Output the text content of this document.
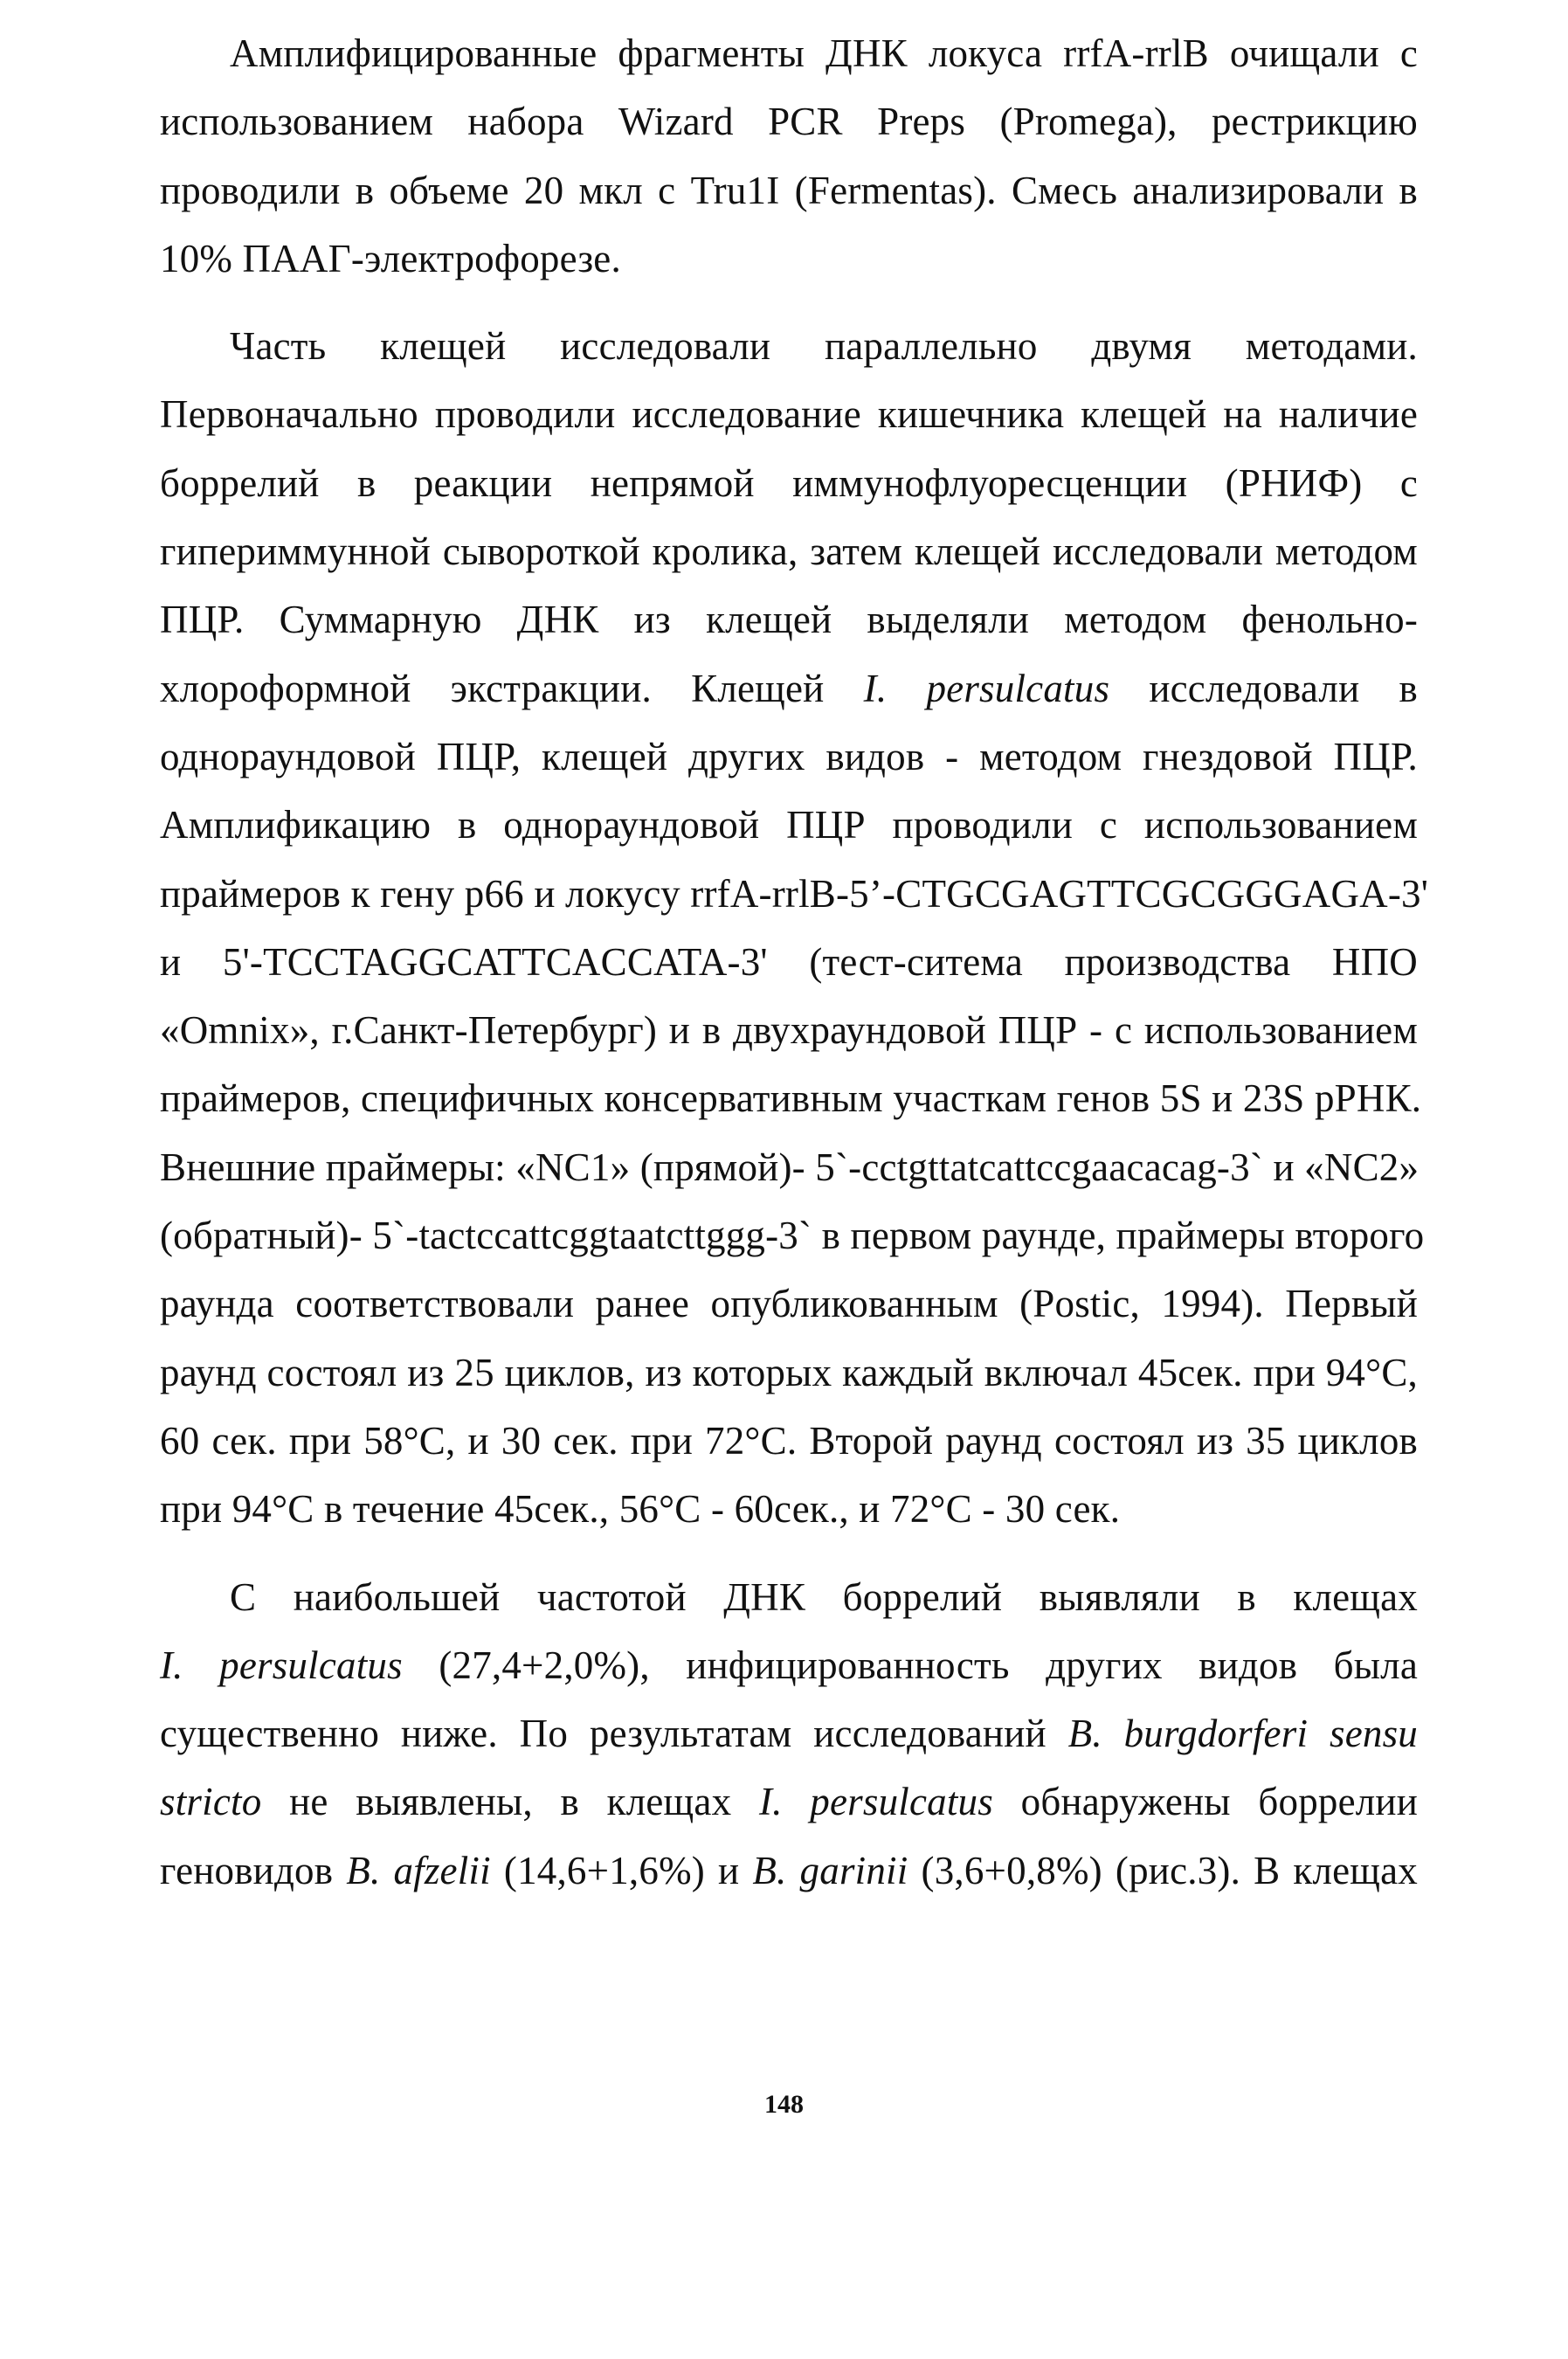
Амплифицированные фрагменты ДНК локуса rrfA-rrlB очищали с
использованием набора Wizard PCR Preps (Promega), рестрикцию
проводили в объеме 20 мкл с Tru1I (Fermentas). Смесь анализировали в
10% ПААГ-электрофорезе.
Часть клещей исследовали параллельно двумя методами.
Первоначально проводили исследование кишечника клещей на наличие
боррелий в реакции непрямой иммунофлуоресценции (РНИФ) с
гипериммунной сывороткой кролика, затем клещей исследовали методом
ПЦР. Суммарную ДНК из клещей выделяли методом фенольно-
хлороформной экстракции. Клещей I. persulcatus исследовали в
однораундовой ПЦР, клещей других видов - методом гнездовой ПЦР.
Амплификацию в однораундовой ПЦР проводили с использованием
праймеров к гену p66 и локусу rrfA-rrlB-5’-CTGCGAGTTCGCGGGAGA-3'
и 5'-TCCTAGGCATTCACCATA-3' (тест-ситема производства НПО
«Omnix», г.Санкт-Петербург) и в двухраундовой ПЦР - с использованием
праймеров, специфичных консервативным участкам генов 5S и 23S рРНК.
Внешние праймеры: «NC1» (прямой)- 5`-cctgttatcattccgaacacag-3` и «NC2»
(обратный)- 5`-tactccattcggtaatcttggg-3` в первом раунде, праймеры второго
раунда соответствовали ранее опубликованным (Postic, 1994). Первый
раунд состоял из 25 циклов, из которых каждый включал 45сек. при 94°C,
60 сек. при 58°C, и 30 сек. при 72°C. Второй раунд состоял из 35 циклов
при 94°C в течение 45сек., 56°C - 60сек., и 72°C - 30 сек.
С наибольшей частотой ДНК боррелий выявляли в клещах
I. persulcatus (27,4+2,0%), инфицированность других видов была
существенно ниже. По результатам исследований B. burgdorferi sensu
stricto не выявлены, в клещах I. persulcatus обнаружены боррелии
геновидов B. afzelii (14,6+1,6%) и B. garinii (3,6+0,8%) (рис.3). В клещах
148
